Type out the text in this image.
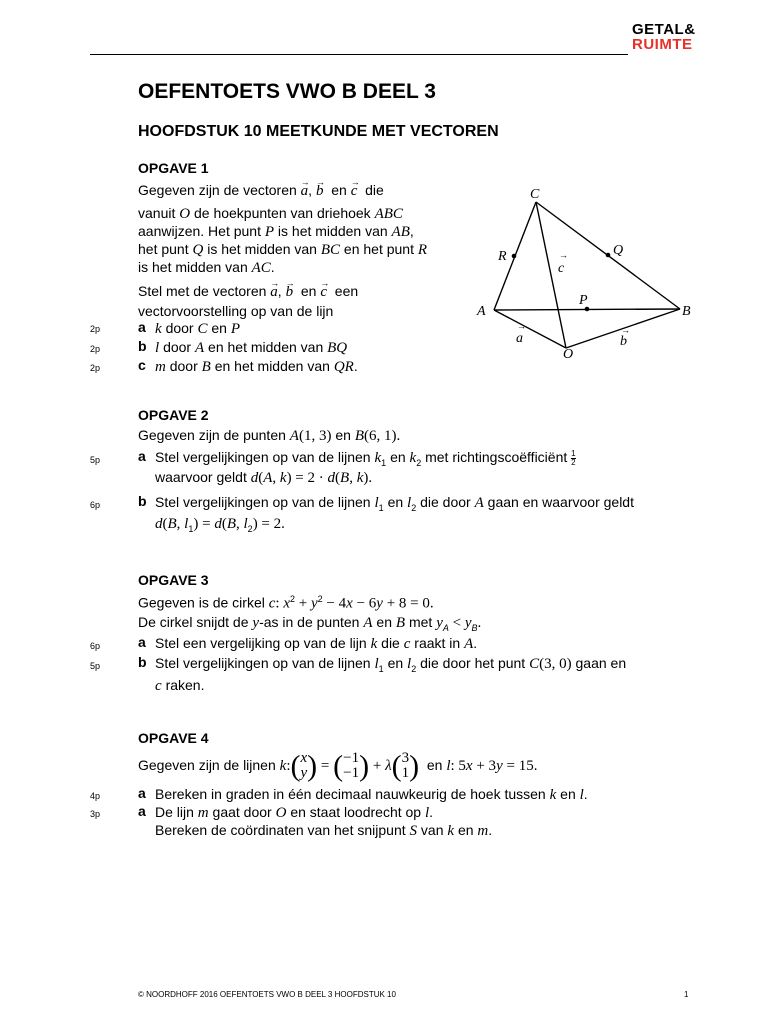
GETAL&
RUIMTE
OEFENTOETS VWO B DEEL 3
HOOFDSTUK 10 MEETKUNDE MET VECTOREN
OPGAVE 1
Gegeven zijn de vectoren → a, → b en → c die
vanuit O de hoekpunten van driehoek ABC
aanwijzen. Het punt P is het midden van AB,
het punt Q is het midden van BC en het punt R
is het midden van AC.
Stel met de vectoren → a, → b en → c een
vectorvoorstelling op van de lijn
2p	a k door C en P
2p	b l door A en het midden van BQ
2p	c m door B en het midden van QR.
C
R	Q
c
→
P
A	B
a
→
b
→
O
OPGAVE 2
Gegeven zijn de punten A(1, 3) en B(6, 1).
5p	a Stel vergelijkingen op van de lijnen $k_1$ en $k_2$ met richtingscoëfficiënt $\frac{1}{2}$
waarvoor geldt d(A, k) = 2 · d(B, k).
6p	b Stel vergelijkingen op van de lijnen $l_1$ en $l_2$ die door A gaan en waarvoor geldt
d(B, $l_1) = d(B$, $l_2) = 2$.
OPGAVE 3
Gegeven is de cirkel c: $x^2 + y^2 - 4x - 6y + 8 = 0$.
De cirkel snijdt de y-as in de punten A en B met $y_A < y_B$.
6p	a Stel een vergelijking op van de lijn k die c raakt in A.
5p	b Stel vergelijkingen op van de lijnen $l_1$ en $l_2$ die door het punt C(3, 0) gaan en
c raken.
OPGAVE 4
Gegeven zijn de lijnen k:( x
y ) = ( −1
−1 ) + λ( 3
1 ) en l: 5x + 3y = 15.
4p	a Bereken in graden in één decimaal nauwkeurig de hoek tussen k en l.
3p	a De lijn m gaat door O en staat loodrecht op l.
Bereken de coördinaten van het snijpunt S van k en m.
© NOORDHOFF 2016 OEFENTOETS VWO B DEEL 3 HOOFDSTUK 10	1
